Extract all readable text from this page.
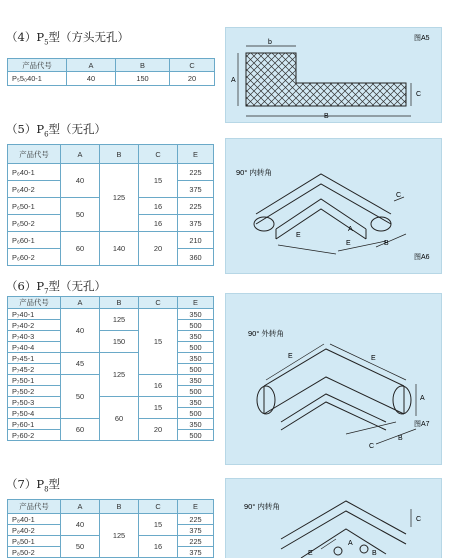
$(4)P_5$型（方头无孔）
产品代号	A	B	C
P₅5₀40-1	40	150	20
b
A
B
C
图A5
$(5)P_6$型（无孔）
产品代号	A	B	C	E
P₆40-1	40	125	15	225
P₆40-2				375
P₆50-1	50		16	225
P₆50-2			16	375
P₆60-1	60	140	20	210
P₆60-2				360
90° 内转角
C
A
E
E	B
图A6
$(6)P_7$型（无孔）
产品代号	A	B	C	E
P₇40-1	40	125	15	350
P₇40-2				500
P₇40-3		150		350
P₇40-4				500
P₇45-1	45	125		350
P₇45-2				500
P₇50-1	50		16	350
P₇50-2				500
P₇50-3		60	15	350
P₇50-4				500
P₇60-1	60		20	350
P₇60-2				500
90° 外转角
E	E
A
C
B
图A7
$(7)P_8$型
产品代号	A	B	C	E
P₈40-1	40	125	15	225
P₈40-2				375
P₈50-1	50		16	225
P₈50-2				375
90° 内转角
C
E
A
B
